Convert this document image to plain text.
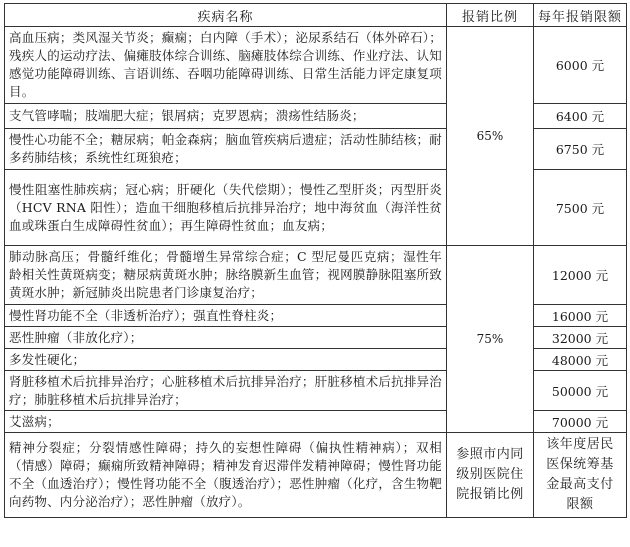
疾病名称	报销比例	每年报销限额
高血压病；类风湿关节炎；癫痫；白内障（手术）；泌尿系结石（体外碎石）；残疾人的运动疗法、偏瘫肢体综合训练、脑瘫肢体综合训练、作业疗法、认知感觉功能障碍训练、言语训练、吞咽功能障碍训练、日常生活能力评定康复项目。	65%	6000 元
支气管哮喘；肢端肥大症；银屑病；克罗恩病；溃疡性结肠炎；		6400 元
慢性心功能不全；糖尿病；帕金森病；脑血管疾病后遗症；活动性肺结核；耐多药肺结核；系统性红斑狼疮；		6750 元
慢性阻塞性肺疾病；冠心病；肝硬化（失代偿期）；慢性乙型肝炎；丙型肝炎（HCV RNA 阳性）；造血干细胞移植后抗排异治疗；地中海贫血（海洋性贫血或珠蛋白生成障碍性贫血）；再生障碍性贫血；血友病；		7500 元
肺动脉高压；骨髓纤维化；骨髓增生异常综合症；C 型尼曼匹克病；湿性年龄相关性黄斑病变；糖尿病黄斑水肿；脉络膜新生血管；视网膜静脉阻塞所致黄斑水肿；新冠肺炎出院患者门诊康复治疗；	75%	12000 元
慢性肾功能不全（非透析治疗）；强直性脊柱炎；		16000 元
恶性肿瘤（非放化疗）；		32000 元
多发性硬化；		48000 元
肾脏移植术后抗排异治疗；心脏移植术后抗排异治疗；肝脏移植术后抗排异治疗；肺脏移植术后抗排异治疗；		50000 元
艾滋病；		70000 元
精神分裂症；分裂情感性障碍；持久的妄想性障碍（偏执性精神病）；双相（情感）障碍；癫痫所致精神障碍；精神发育迟滞伴发精神障碍；慢性肾功能不全（血透治疗）；慢性肾功能不全（腹透治疗）；恶性肿瘤（化疗，含生物靶向药物、内分泌治疗）；恶性肿瘤（放疗）。	参照市内同级别医院住院报销比例	该年度居民医保统筹基金最高支付限额
